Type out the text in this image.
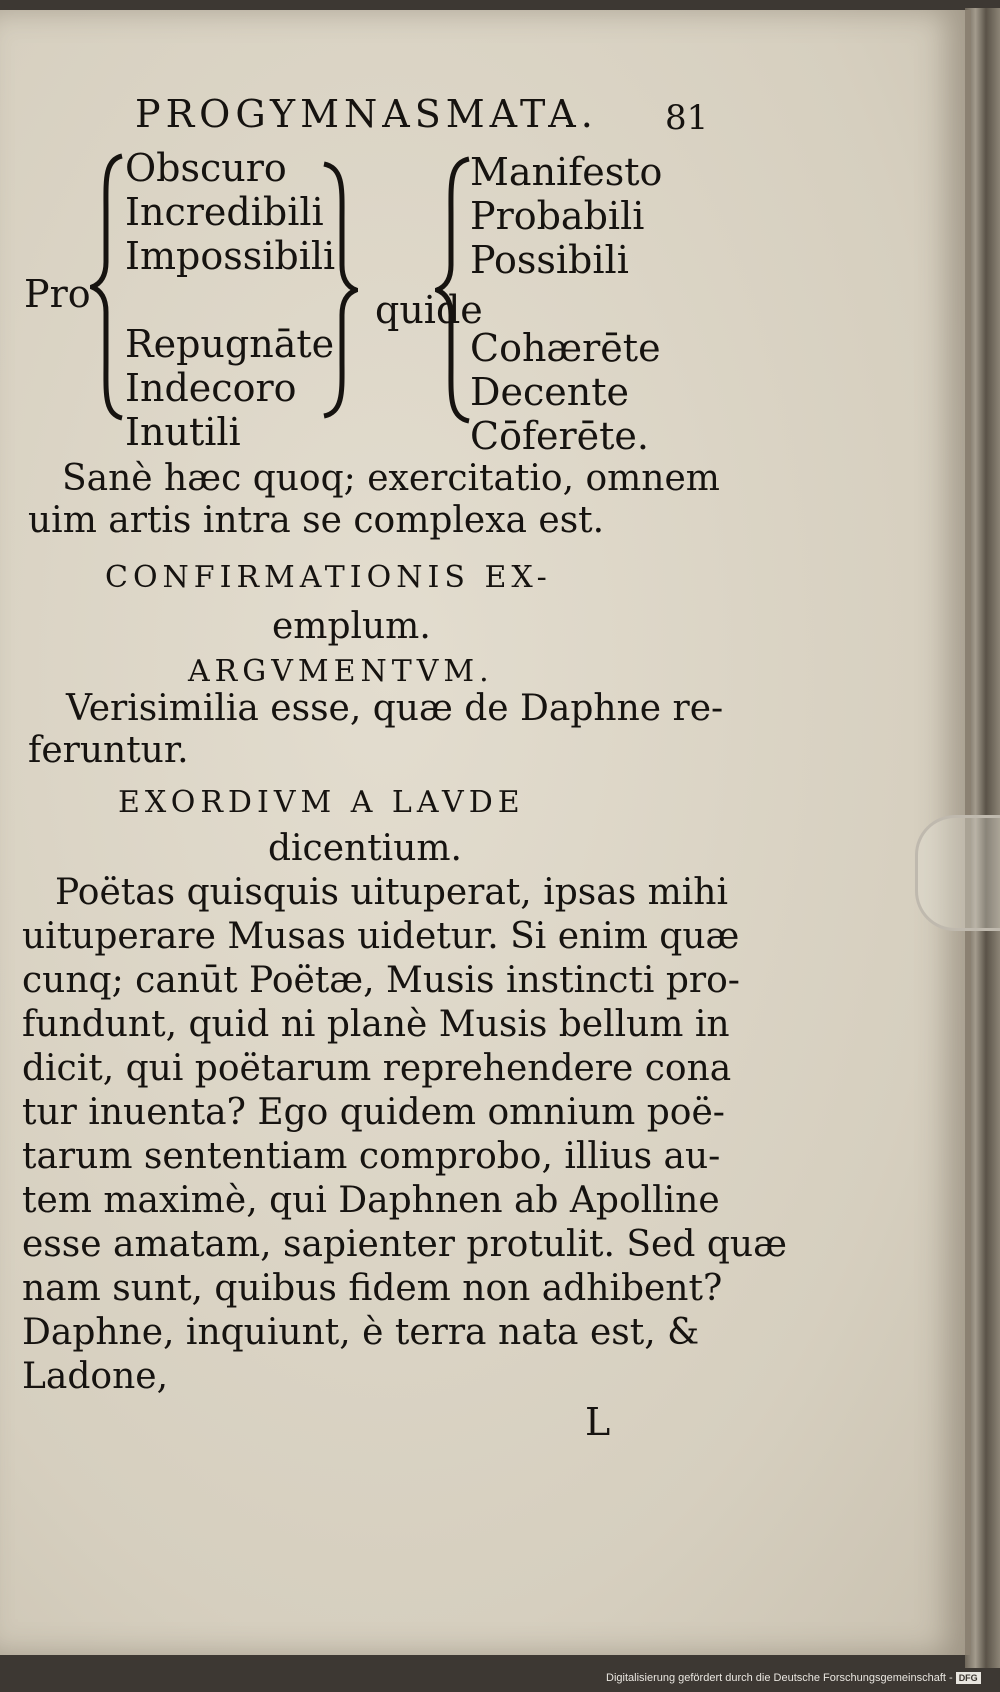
PROGYMNASMATA. 81
Pro
Obscuro
Incredibili
Impossibili
Repugnāte
Indecoro
Inutili
quide
Manifesto
Probabili
Possibili
Cohærēte
Decente
Cōferēte.
Sanè hæc quoq; exercitatio, omnem
uim artis intra se complexa est.
CONFIRMATIONIS EX-
emplum.
ARGVMENTVM.
Verisimilia esse, quæ de Daphne re-
feruntur.
EXORDIVM A LAVDE
dicentium.
Poëtas quisquis uituperat, ipsas mihi
uituperare Musas uidetur. Si enim quæ
cunq; canūt Poëtæ, Musis instincti pro-
fundunt, quid ni planè Musis bellum in
dicit, qui poëtarum reprehendere cona
tur inuenta? Ego quidem omnium poë-
tarum sententiam comprobo, illius au-
tem maximè, qui Daphnen ab Apolline
esse amatam, sapienter protulit. Sed quæ
nam sunt, quibus fidem non adhibent?
Daphne, inquiunt, è terra nata est, &
Ladone,
L
Digitalisierung gefördert durch die Deutsche Forschungsgemeinschaft - DFG
